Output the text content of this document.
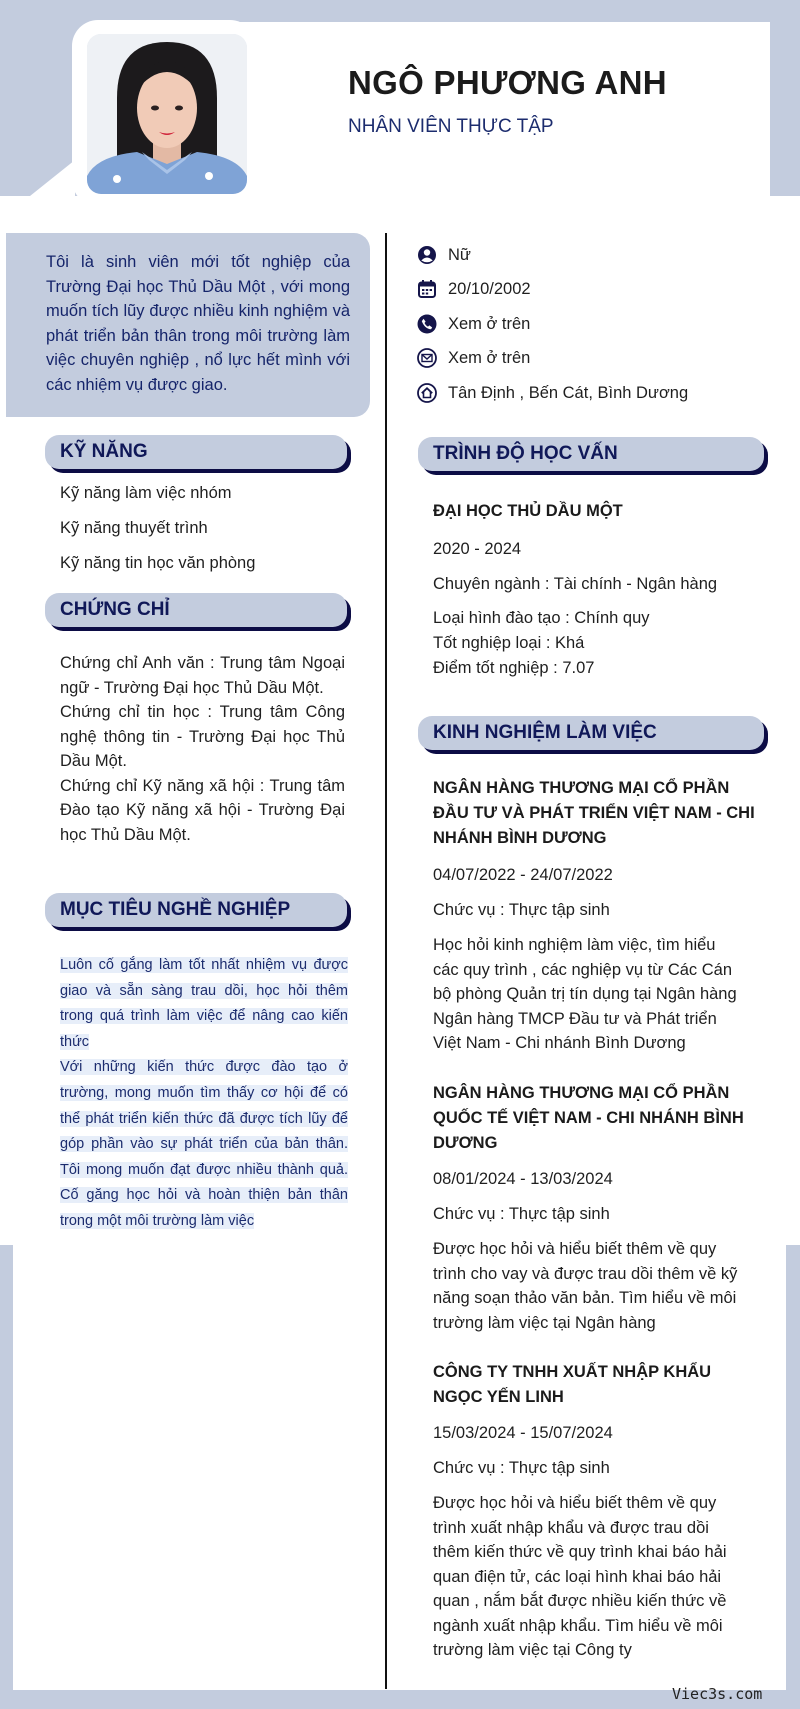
NGÔ PHƯƠNG ANH
NHÂN VIÊN THỰC TẬP
Tôi là sinh viên mới tốt nghiệp của Trường Đại học Thủ Dầu Một , với mong muốn tích lũy được nhiều kinh nghiệm và phát triển bản thân trong môi trường làm việc chuyên nghiệp , nổ lực hết mình với các nhiệm vụ được giao.
Nữ
20/10/2002
Xem ở trên
Xem ở trên
Tân Định , Bến Cát, Bình Dương
KỸ NĂNG
Kỹ năng làm việc nhóm
Kỹ năng thuyết trình
Kỹ năng tin học văn phòng
CHỨNG CHỈ

Chứng chỉ Anh văn : Trung tâm Ngoại ngữ - Trường Đại học Thủ Dầu Một.

Chứng chỉ tin học : Trung tâm Công nghệ thông tin - Trường Đại học Thủ Dầu Một.

Chứng chỉ Kỹ năng xã hội : Trung tâm Đào tạo Kỹ năng xã hội - Trường Đại học Thủ Dầu Một.

MỤC TIÊU NGHỀ NGHIỆP
Luôn cố gắng làm tốt nhất nhiệm vụ được giao và sẵn sàng trau dồi, học hỏi thêm trong quá trình làm việc để nâng cao kiến thức
Với những kiến thức được đào tạo ở trường, mong muốn tìm thấy cơ hội để có thể phát triển kiến thức đã được tích lũy để góp phần vào sự phát triển của bản thân. Tôi mong muốn đạt được nhiều thành quả. Cố găng học hỏi và hoàn thiện bản thân trong một môi trường làm việc
TRÌNH ĐỘ HỌC VẤN
ĐẠI HỌC THỦ DẦU MỘT
2020 - 2024
Chuyên ngành : Tài chính - Ngân hàng
Loại hình đào tạo : Chính quy
Tốt nghiệp loại : Khá
Điểm tốt nghiệp : 7.07
KINH NGHIỆM LÀM VIỆC
NGÂN HÀNG THƯƠNG MẠI CỔ PHẦN ĐẦU TƯ VÀ PHÁT TRIỂN VIỆT NAM - CHI NHÁNH BÌNH DƯƠNG
04/07/2022 - 24/07/2022
Chức vụ : Thực tập sinh
Học hỏi kinh nghiệm làm việc, tìm hiểu các quy trình , các nghiệp vụ từ Các Cán bộ phòng Quản trị tín dụng tại Ngân hàng Ngân hàng TMCP Đầu tư và Phát triển Việt Nam - Chi nhánh Bình Dương
NGÂN HÀNG THƯƠNG MẠI CỔ PHẦN QUỐC TẾ VIỆT NAM - CHI NHÁNH BÌNH DƯƠNG
08/01/2024 - 13/03/2024
Chức vụ : Thực tập sinh
Được học hỏi và hiểu biết thêm về quy trình cho vay và được trau dồi thêm về kỹ năng soạn thảo văn bản. Tìm hiểu về môi trường làm việc tại Ngân hàng
CÔNG TY TNHH XUẤT NHẬP KHẨU NGỌC YẾN LINH
15/03/2024 - 15/07/2024
Chức vụ : Thực tập sinh
Được học hỏi và hiểu biết thêm về quy trình xuất nhập khẩu và được trau dồi thêm kiến thức về quy trình khai báo hải quan điện tử, các loại hình khai báo hải quan , nắm bắt được nhiều kiến thức về ngành xuất nhập khẩu. Tìm hiểu về môi trường làm việc tại Công ty
Viec3s.com
